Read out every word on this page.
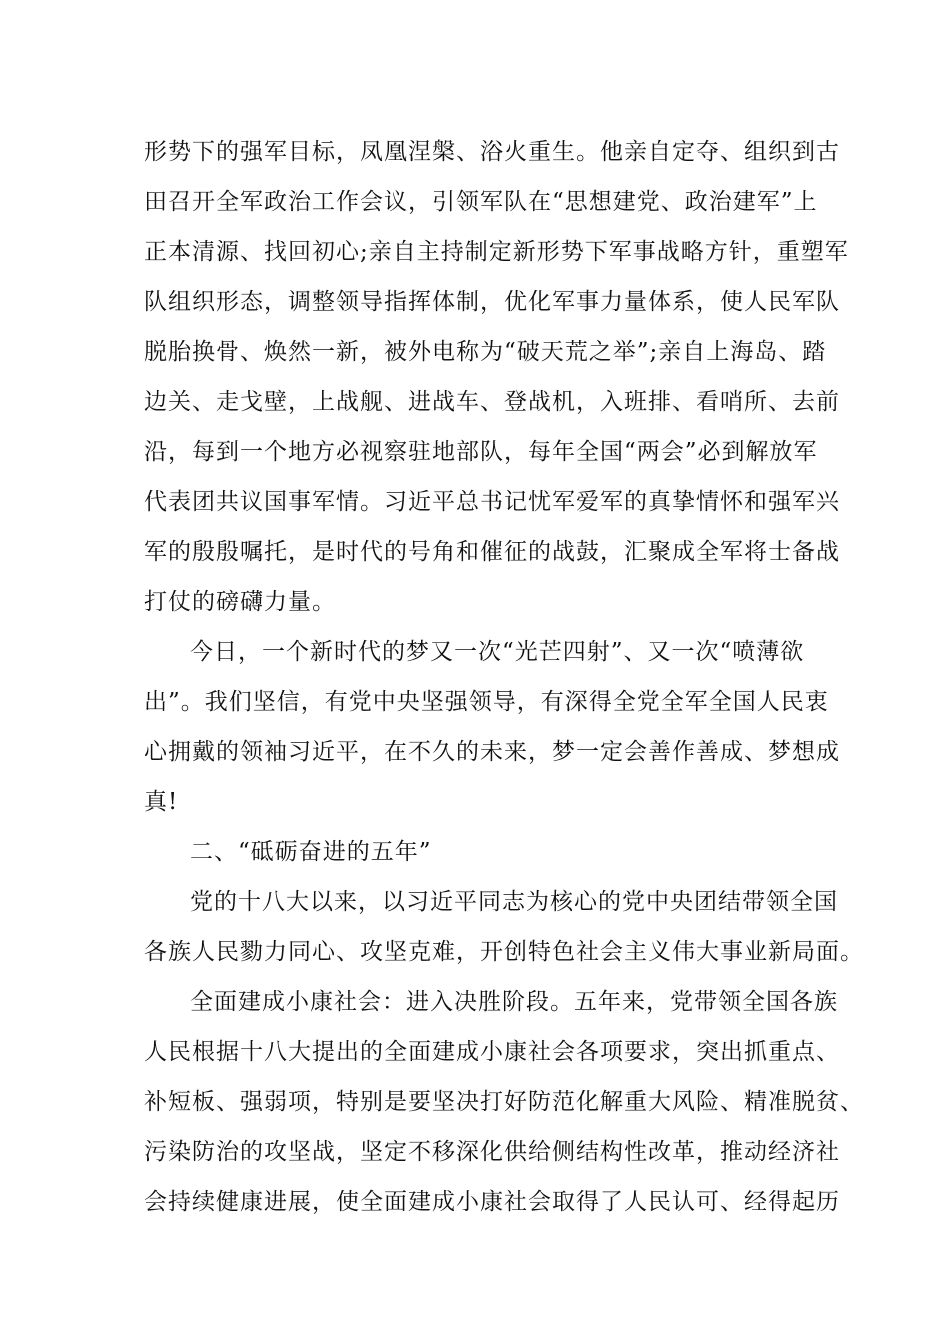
形势下的强军目标，凤凰涅槃、浴火重生。他亲自定夺、组织到古
田召开全军政治工作会议，引领军队在“思想建党、政治建军”上
正本清源、找回初心;亲自主持制定新形势下军事战略方针，重塑军
队组织形态，调整领导指挥体制，优化军事力量体系，使人民军队
脱胎换骨、焕然一新，被外电称为“破天荒之举”;亲自上海岛、踏
边关、走戈壁，上战舰、进战车、登战机，入班排、看哨所、去前
沿，每到一个地方必视察驻地部队，每年全国“两会”必到解放军
代表团共议国事军情。习近平总书记忧军爱军的真挚情怀和强军兴
军的殷殷嘱托，是时代的号角和催征的战鼓，汇聚成全军将士备战
打仗的磅礴力量。
今日，一个新时代的梦又一次“光芒四射”、又一次“喷薄欲
出”。我们坚信，有党中央坚强领导，有深得全党全军全国人民衷
心拥戴的领袖习近平，在不久的未来，梦一定会善作善成、梦想成
真!
二、“砥砺奋进的五年”
党的十八大以来，以习近平同志为核心的党中央团结带领全国
各族人民勠力同心、攻坚克难，开创特色社会主义伟大事业新局面。
全面建成小康社会：进入决胜阶段。五年来，党带领全国各族
人民根据十八大提出的全面建成小康社会各项要求，突出抓重点、
补短板、强弱项，特别是要坚决打好防范化解重大风险、精准脱贫、
污染防治的攻坚战，坚定不移深化供给侧结构性改革，推动经济社
会持续健康进展，使全面建成小康社会取得了人民认可、经得起历
